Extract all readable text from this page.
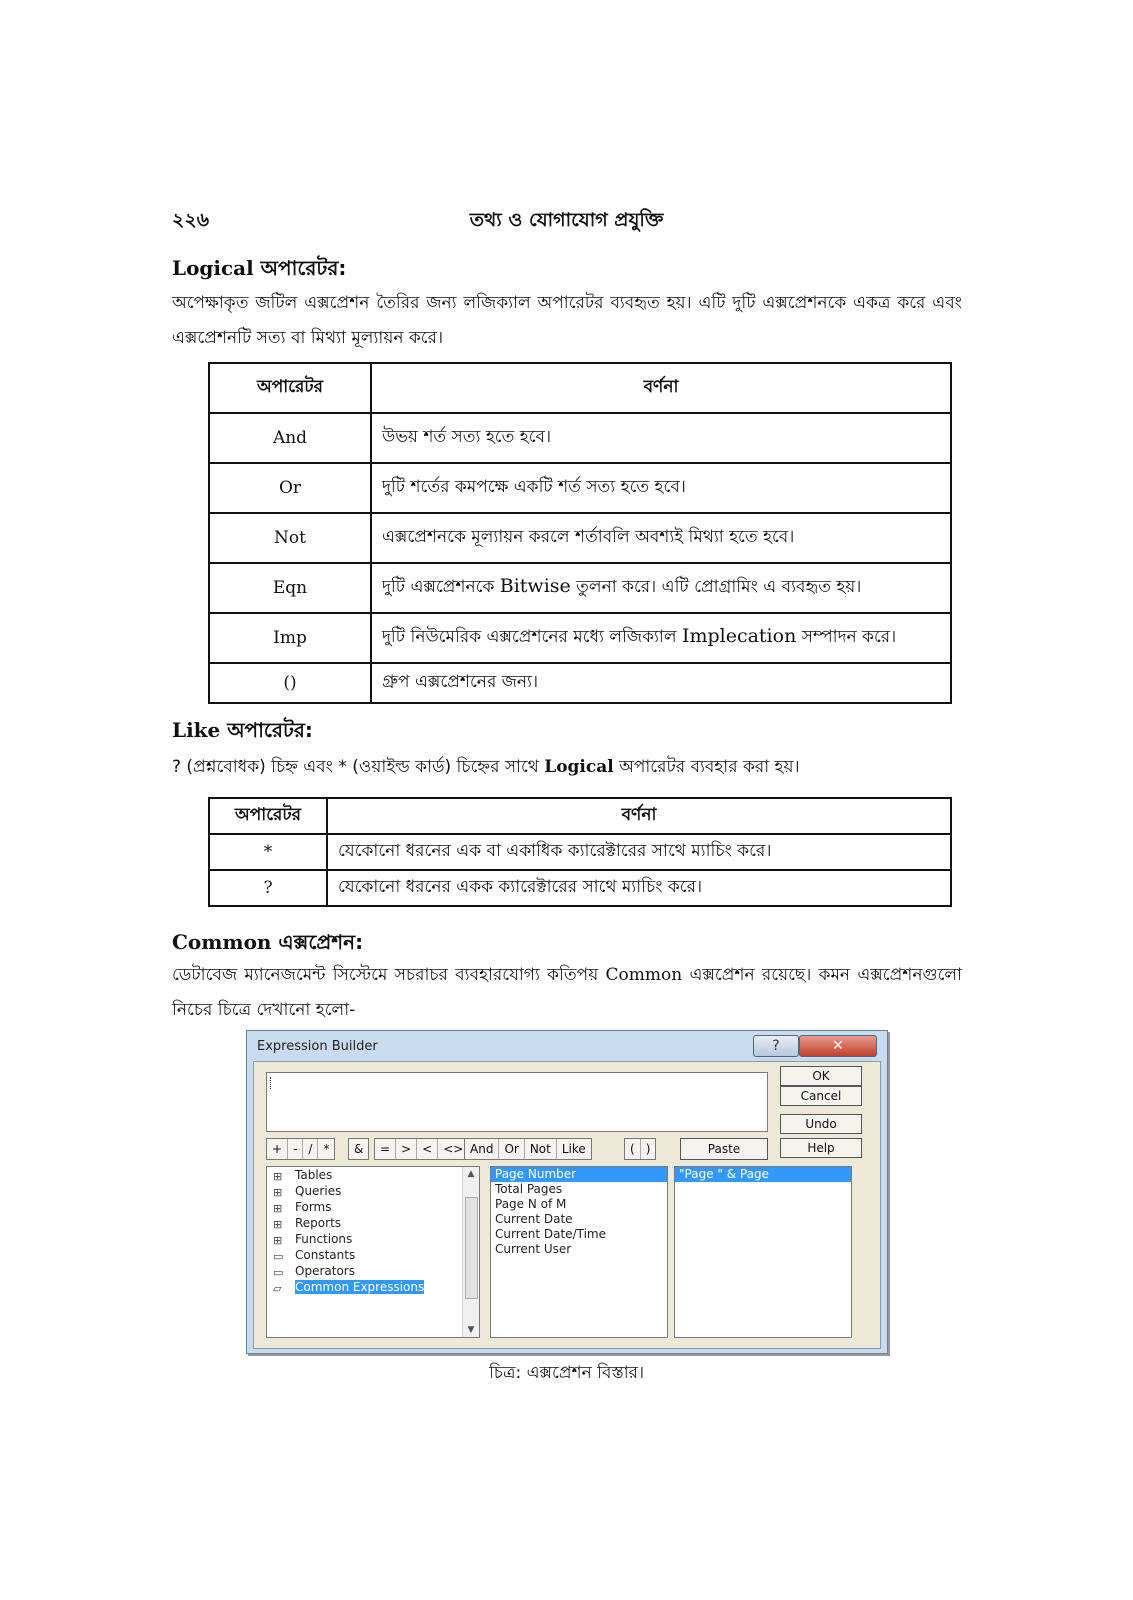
২২৬	তথ্য ও যোগাযোগ প্রযুক্তি
Logical অপারেটর:
অপেক্ষাকৃত জটিল এক্সপ্রেশন তৈরির জন্য লজিক্যাল অপারেটর ব্যবহৃত হয়। এটি দুটি এক্সপ্রেশনকে একত্র করে এবং এক্সপ্রেশনটি সত্য বা মিথ্যা মূল্যায়ন করে।
অপারেটর	বর্ণনা
And	উভয় শর্ত সত্য হতে হবে।
Or	দুটি শর্তের কমপক্ষে একটি শর্ত সত্য হতে হবে।
Not	এক্সপ্রেশনকে মূল্যায়ন করলে শর্তাবলি অবশ্যই মিথ্যা হতে হবে।
Eqn	দুটি এক্সপ্রেশনকে Bitwise তুলনা করে। এটি প্রোগ্রামিং এ ব্যবহৃত হয়।
Imp	দুটি নিউমেরিক এক্সপ্রেশনের মধ্যে লজিক্যাল Implecation সম্পাদন করে।
()	গ্রুপ এক্সপ্রেশনের জন্য।
Like অপারেটর:
? (প্রশ্নবোধক) চিহ্ন এবং * (ওয়াইল্ড কার্ড) চিহ্নের সাথে Logical অপারেটর ব্যবহার করা হয়।
অপারেটর	বর্ণনা
*	যেকোনো ধরনের এক বা একাধিক ক্যারেক্টারের সাথে ম্যাচিং করে।
?	যেকোনো ধরনের একক ক্যারেক্টারের সাথে ম্যাচিং করে।
Common এক্সপ্রেশন:
ডেটাবেজ ম্যানেজমেন্ট সিস্টেমে সচরাচর ব্যবহারযোগ্য কতিপয় Common এক্সপ্রেশন রয়েছে। কমন এক্সপ্রেশনগুলো নিচের চিত্রে দেখানো হলো-
Expression Builder	?	✕
OK
Cancel
Undo
Help
+ - / *	&	= > < <> And Or Not Like	( )	Paste
⊞ Tables
⊞ Queries
⊞ Forms
⊞ Reports
⊞ Functions
▭ Constants
▭ Operators
▱ Common Expressions
▲
▼
Page Number
Total Pages
Page N of M
Current Date
Current Date/Time
Current User
"Page " & Page
চিত্র: এক্সপ্রেশন বিস্তার।
